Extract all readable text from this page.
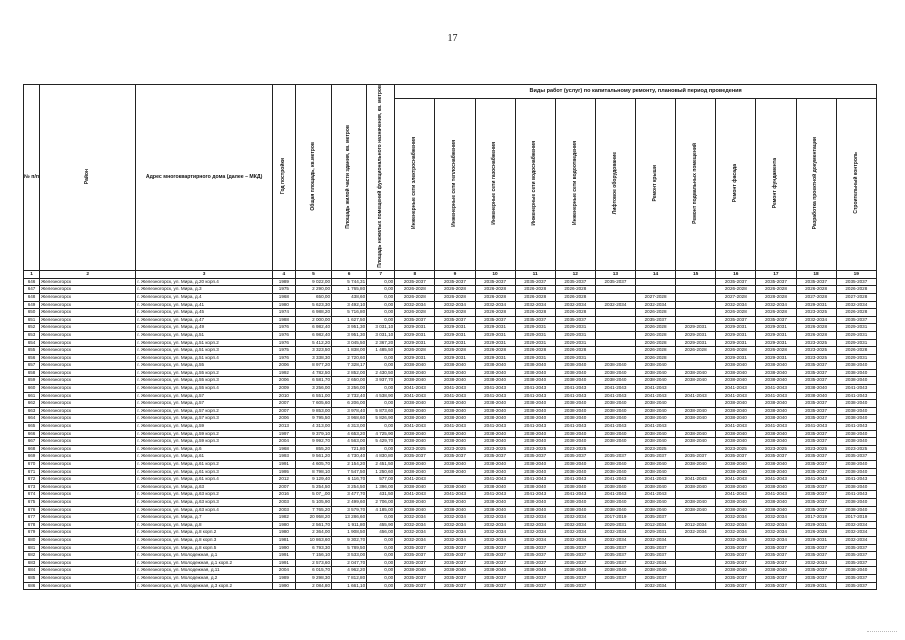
17
№ п/п	Район	Адрес многоквартирного дома (далее – МКД)	Год постройки	Общая площадь, кв.метров	Площадь жилой части здания, кв. метров	Площадь нежилых помещений функционального назначения, кв. метров	Виды работ (услуг) по капитальному ремонту, плановый период проведения											
							Инженерные сети электроснабжения	Инженерные сети теплоснабжения	Инженерные сети газоснабжения	Инженерные сети водоснабжения	Инженерные сети водоотведения	Лифтовое оборудование	Ремонт крыши	Ремонт подвальных помещений	Ремонт фасада	Ремонт фундамента	Разработка проектной документации	Строительный контроль
1	2	3	4	5	6	7	8	9	10	11	12	13	14	15	16	17	18	19
646	Железногорск	г. Железногорск, ул. Мира, д.20 корп.4	1989	9 022,00	5 744,31	0,00	2035-2037	2035-2037	2035-2037	2035-2037	2035-2037	2035-2037			2035-2037	2035-2037	2035-2037	2035-2037
647	Железногорск	г. Железногорск, ул. Мира, д.3	1975	2 290,00	1 765,80	0,00	2026-2028	2026-2028	2026-2028	2026-2028	2026-2028				2026-2028	2026-2028	2026-2028	2026-2028
648	Железногорск	г. Железногорск, ул. Мира, д.4	1968	650,00	438,60	0,00	2026-2028	2026-2028	2026-2028	2026-2028	2026-2028		2027-2028		2027-2028	2028-2028	2027-2028	2027-2028
649	Железногорск	г. Железногорск, ул. Мира, д.41	1980	5 623,30	3 492,10	0,00	2032-2034	2032-2034	2032-2034	2032-2034	2032-2034	2032-2034	2032-2034		2032-2034	2032-2034	2029-2031	2032-2034
650	Железногорск	г. Железногорск, ул. Мира, д.45	1974	6 988,20	5 716,80	0,00	2026-2028	2026-2028	2026-2028	2026-2028	2026-2028		2026-2028		2026-2028	2026-2028	2023-2025	2026-2028
651	Железногорск	г. Железногорск, ул. Мира, д.47	1988	2 000,00	1 627,50	0,00	2035-2037	2035-2037	2035-2037	2035-2037	2035-2037		2035-2037		2035-2037	2035-2037	2032-2034	2035-2037
652	Железногорск	г. Железногорск, ул. Мира, д.49	1976	6 982,40	3 951,30	3 031,10	2029-2031	2029-2031	2029-2031	2029-2031	2029-2031		2026-2028	2029-2031	2029-2031	2029-2031	2026-2028	2029-2031
653	Железногорск	г. Железногорск, ул. Мира, д.51	1976	6 982,40	3 951,30	3 031,10	2029-2031	2029-2031	2029-2031	2029-2031	2029-2031		2026-2028	2029-2031	2029-2031	2029-2031	2026-2028	2029-2031
654	Железногорск	г. Железногорск, ул. Мира, д.51 корп.2	1976	5 412,20	3 045,50	2 367,20	2029-2031	2029-2031	2029-2031	2029-2031	2029-2031		2026-2028	2029-2031	2029-2031	2029-2031	2023-2025	2029-2031
655	Железногорск	г. Железногорск, ул. Мира, д.51 корп.3	1975	3 323,50	1 838,00	1 485,50	2026-2028	2026-2028	2026-2028	2026-2028	2026-2028		2026-2028	2026-2028	2026-2028	2026-2028	2023-2025	2026-2028
656	Железногорск	г. Железногорск, ул. Мира, д.51 корп.4	1976	3 338,30	2 720,60	0,00	2029-2031	2029-2031	2029-2031	2029-2031	2029-2031		2026-2028		2029-2031	2029-2031	2023-2025	2029-2031
657	Железногорск	г. Железногорск, ул. Мира, д.55	2006	8 977,20	7 328,17	0,00	2038-2040	2038-2040	2038-2040	2038-2040	2038-2040	2038-2040	2038-2040		2038-2040	2038-2040	2035-2037	2038-2040
658	Железногорск	г. Железногорск, ул. Мира, д.55 корп.2	1992	4 782,50	2 852,00	2 430,50	2038-2040	2038-2040	2038-2040	2038-2040	2038-2040	2038-2040	2038-2040	2038-2040	2038-2040	2038-2040	2035-2037	2038-2040
659	Железногорск	г. Железногорск, ул. Мира, д.55 корп.3	2006	6 581,70	2 650,00	3 937,70	2038-2040	2038-2040	2038-2040	2038-2040	2038-2040	2038-2040	2038-2040	2038-2040	2038-2040	2038-2040	2035-2037	2038-2040
660	Железногорск	г. Железногорск, ул. Мира, д.55 корп.4	2009	3 256,00	3 256,00	0,00	2041-2043	2041-2043	2041-2043	2041-2043	2041-2043	2041-2043	2041-2043		2041-2043	2041-2043	2038-2040	2041-2043
661	Железногорск	г. Железногорск, ул. Мира, д.57	2010	6 551,00	2 732,40	4 538,90	2041-2043	2041-2043	2041-2043	2041-2043	2041-2043	2041-2043	2041-2043	2041-2043	2041-2043	2041-2043	2038-2040	2041-2043
662	Железногорск	г. Железногорск, ул. Мира, д.57	2007	7 605,60	6 206,00	0,00	2038-2040	2038-2040	2038-2040	2038-2040	2038-2040	2038-2040	2038-2040		2038-2040	2038-2040	2035-2037	2038-2040
663	Железногорск	г. Железногорск, ул. Мира, д.57 корп.2	2007	9 853,00	3 978,40	5 873,60	2038-2040	2038-2040	2038-2040	2038-2040	2038-2040	2038-2040	2038-2040	2038-2040	2038-2040	2038-2040	2035-2037	2038-2040
664	Железногорск	г. Железногорск, ул. Мира, д.57 корп.3	2006	9 795,50	3 968,60	5 826,90	2038-2040	2038-2040	2038-2040	2038-2040	2038-2040	2038-2040	2038-2040	2038-2040	2038-2040	2038-2040	2035-2037	2038-2040
665	Железногорск	г. Железногорск, ул. Мира, д.59	2013	4 313,00	4 313,00	0,00	2041-2043	2041-2043	2041-2043	2041-2043	2041-2043	2041-2043	2041-2043		2041-2043	2041-2043	2041-2043	2041-2043
666	Железногорск	г. Железногорск, ул. Мира, д.59 корп.2	1997	9 379,10	4 653,20	4 725,90	2038-2040	2038-2040	2038-2040	2038-2040	2038-2040	2038-2040	2038-2040	2038-2040	2038-2040	2038-2040	2035-2037	2038-2040
667	Железногорск	г. Железногорск, ул. Мира, д.59 корп.3	2004	9 992,70	4 563,00	5 429,70	2038-2040	2038-2040	2038-2040	2038-2040	2038-2040	2038-2040	2038-2040	2038-2040	2038-2040	2038-2040	2035-2037	2038-2040
668	Железногорск	г. Железногорск, ул. Мира, д.6	1968	855,20	721,80	0,00	2023-2025	2023-2025	2023-2025	2023-2025	2023-2025		2023-2025		2023-2025	2023-2025	2023-2025	2023-2025
669	Железногорск	г. Железногорск, ул. Мира, д.61	1993	9 561,20	4 730,40	4 830,80	2035-2037	2035-2037	2035-2037	2035-2037	2035-2037	2035-2037	2035-2037	2035-2037	2035-2037	2035-2037	2035-2037	2035-2037
670	Железногорск	г. Железногорск, ул. Мира, д.61 корп.2	1991	4 605,70	2 154,20	2 451,50	2038-2040	2038-2040	2038-2040	2038-2040	2038-2040	2038-2040	2038-2040	2038-2040	2038-2040	2038-2040	2035-2037	2038-2040
671	Железногорск	г. Железногорск, ул. Мира, д.61 корп.3	1995	8 798,10	7 547,50	1 250,60	2038-2040	2038-2040	2038-2040	2038-2040	2038-2040	2038-2040	2038-2040		2038-2040	2038-2040	2035-2037	2038-2040
672	Железногорск	г. Железногорск, ул. Мира, д.61 корп.4	2012	9 129,40	6 116,70	577,00	2041-2043		2041-2043	2041-2043	2041-2043	2041-2043	2041-2043	2041-2043	2041-2043	2041-2043	2041-2043	2041-2043
673	Железногорск	г. Железногорск, ул. Мира, д.63	2007	5 254,50	3 254,50	1 396,00	2038-2040	2038-2040	2038-2040	2038-2040	2038-2040	2038-2040	2038-2040	2038-2040	2038-2040	2038-2040	2035-2037	2038-2040
674	Железногорск	г. Железногорск, ул. Мира, д.63 корп.2	2016	5 07_,00	3 477,70	431,50	2041-2043	2041-2043	2041-2043	2041-2043	2041-2043	2041-2043	2041-2043		2041-2043	2041-2043	2035-2037	2041-2043
675	Железногорск	г. Железногорск, ул. Мира, д.63 корп.3	2003	5 105,90	2 499,60	2 706,00	2038-2040	2038-2040	2038-2040	2038-2040	2038-2040	2038-2040	2038-2040	2038-2040	2038-2040	2038-2040	2035-2037	2038-2040
676	Железногорск	г. Железногорск, ул. Мира, д.63 корп.4	2003	7 765,20	3 579,70	4 185,00	2038-2040	2038-2040	2038-2040	2038-2040	2038-2040	2038-2040	2038-2040	2038-2040	2038-2040	2038-2040	2035-2037	2038-2040
677	Железногорск	г. Железногорск, ул. Мира, д.7	1982	20 958,20	13 286,60	0,00	2032-2034	2032-2034	2032-2034	2032-2034	2032-2034	2017-2019	2035-2037		2032-2034	2032-2034	2017-2019	2017-2019
678	Железногорск	г. Железногорск, ул. Мира, д.8	1980	2 561,70	1 911,80	455,90	2032-2034	2032-2034	2032-2034	2032-2034	2032-2034	2029-2031	2012-2034	2012-2034	2032-2034	2032-2034	2029-2031	2032-2034
679	Железногорск	г. Железногорск, ул. Мира, д.8 корп.2	1980	2 364,00	1 908,50	456,00	2032-2034	2032-2034	2032-2034	2032-2034	2032-2034	2032-2034	2029-2031	2032-2034	2032-2034	2032-2034	2026-2028	2032-2034
680	Железногорск	г. Железногорск, ул. Мира, д.8 корп.3	1981	10 863,60	9 302,70	0,00	2032-2034	2032-2034	2032-2034	2032-2034	2032-2034	2032-2034	2032-2034		2032-2034	2032-2034	2029-2031	2032-2034
681	Железногорск	г. Железногорск, ул. Мира, д.8 корп.5	1990	6 793,30	5 789,50	0,00	2035-2037	2035-2037	2035-2037	2035-2037	2035-2037	2035-2037	2035-2037		2035-2037	2035-2037	2035-2037	2035-2037
682	Железногорск	г. Железногорск, ул. Молодежная, д.1	1991	7 156,10	3 533,00	0,00	2035-2037	2035-2037	2035-2037	2035-2037	2035-2037	2035-2037	2035-2037		2035-2037	2035-2037	2035-2037	2035-2037
683	Железногорск	г. Железногорск, ул. Молодежная, д.1 корп.2	1991	2 573,60	2 047,70	0,00	2035-2037	2035-2037	2035-2037	2035-2037	2035-2037	2035-2037	2032-2034		2035-2037	2035-2037	2032-2034	2035-2037
684	Железногорск	г. Железногорск, ул. Молодежная, д.11	2004	6 015,70	4 962,20	0,00	2038-2040	2038-2040	2038-2040	2038-2040	2038-2040	2038-2040	2038-2040		2038-2040	2038-2040	2035-2037	2038-2040
685	Железногорск	г. Железногорск, ул. Молодежная, д.2	1989	9 298,30	7 812,80	0,00	2035-2037	2035-2037	2035-2037	2035-2037	2035-2037	2035-2037	2035-2037		2035-2037	2035-2037	2035-2037	2035-2037
686	Железногорск	г. Железногорск, ул. Молодежная, д.3 корп.2	1990	2 084,80	1 661,10	0,00	2035-2037	2035-2037	2035-2037	2035-2037	2035-2037		2032-2034		2035-2037	2035-2037	2029-2031	2035-2037
